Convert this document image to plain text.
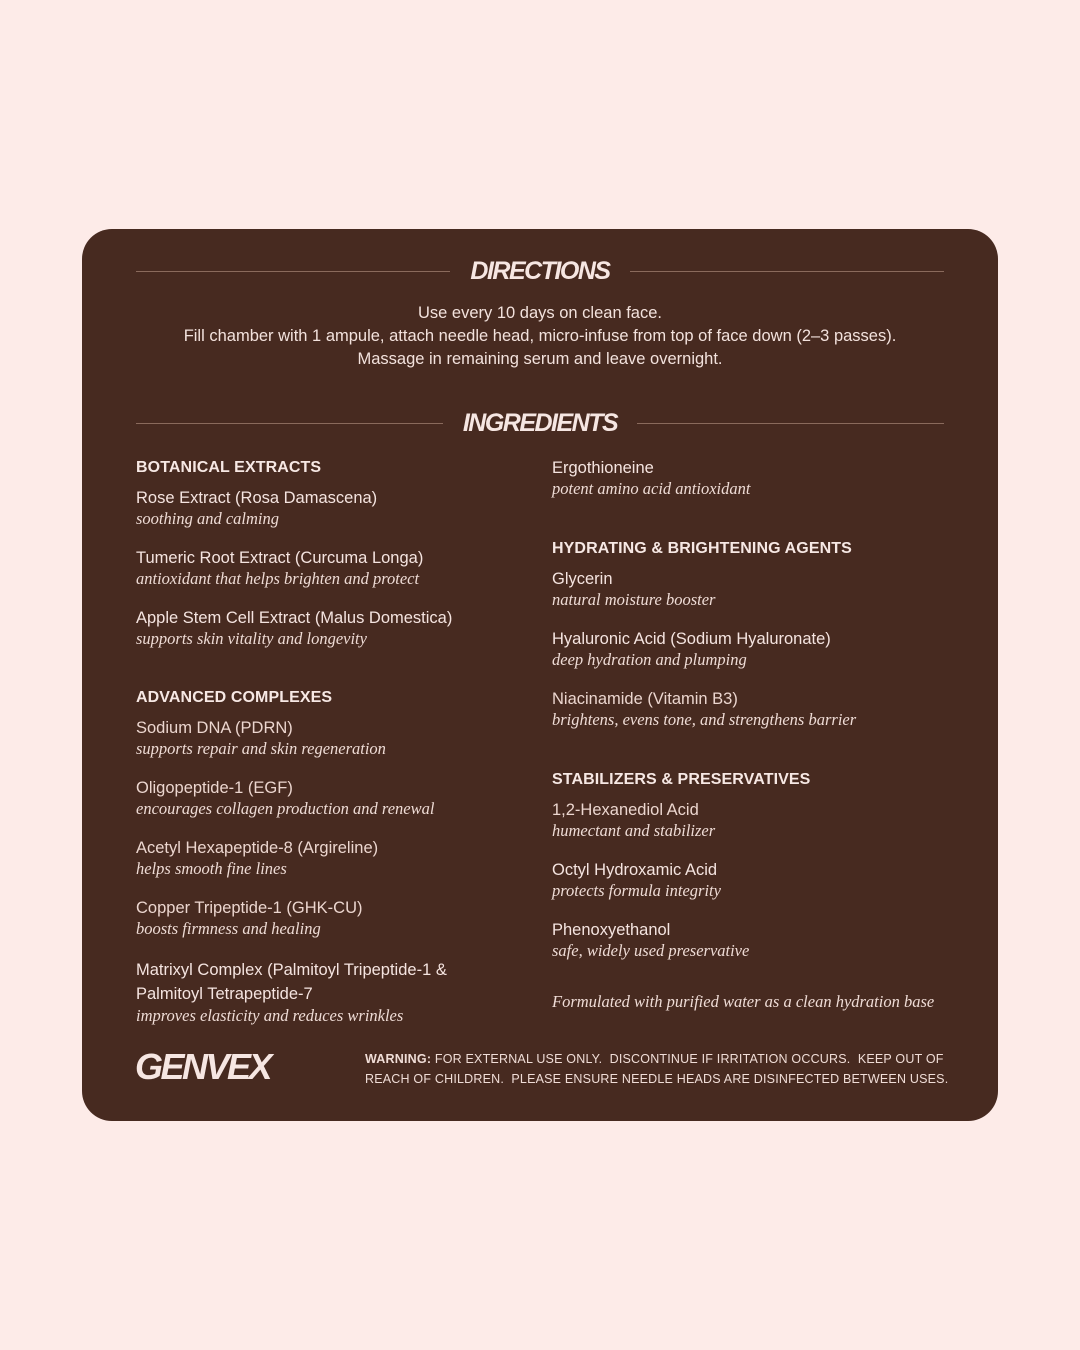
DIRECTIONS
Use every 10 days on clean face.
Fill chamber with 1 ampule, attach needle head, micro-infuse from top of face down (2–3 passes).
Massage in remaining serum and leave overnight.
INGREDIENTS
BOTANICAL EXTRACTS
Rose Extract (Rosa Damascena)
soothing and calming
Tumeric Root Extract (Curcuma Longa)
antioxidant that helps brighten and protect
Apple Stem Cell Extract (Malus Domestica)
supports skin vitality and longevity
ADVANCED COMPLEXES
Sodium DNA (PDRN)
supports repair and skin regeneration
Oligopeptide-1 (EGF)
encourages collagen production and renewal
Acetyl Hexapeptide-8 (Argireline)
helps smooth fine lines
Copper Tripeptide-1 (GHK-CU)
boosts firmness and healing
Matrixyl Complex (Palmitoyl Tripeptide-1 &
Palmitoyl Tetrapeptide-7
improves elasticity and reduces wrinkles
Ergothioneine
potent amino acid antioxidant
HYDRATING & BRIGHTENING AGENTS
Glycerin
natural moisture booster
Hyaluronic Acid (Sodium Hyaluronate)
deep hydration and plumping
Niacinamide (Vitamin B3)
brightens, evens tone, and strengthens barrier
STABILIZERS & PRESERVATIVES
1,2-Hexanediol Acid
humectant and stabilizer
Octyl Hydroxamic Acid
protects formula integrity
Phenoxyethanol
safe, widely used preservative
Formulated with purified water as a clean hydration base
GENVEX	WARNING: FOR EXTERNAL USE ONLY.  DISCONTINUE IF IRRITATION OCCURS.  KEEP OUT OF
REACH OF CHILDREN.  PLEASE ENSURE NEEDLE HEADS ARE DISINFECTED BETWEEN USES.
